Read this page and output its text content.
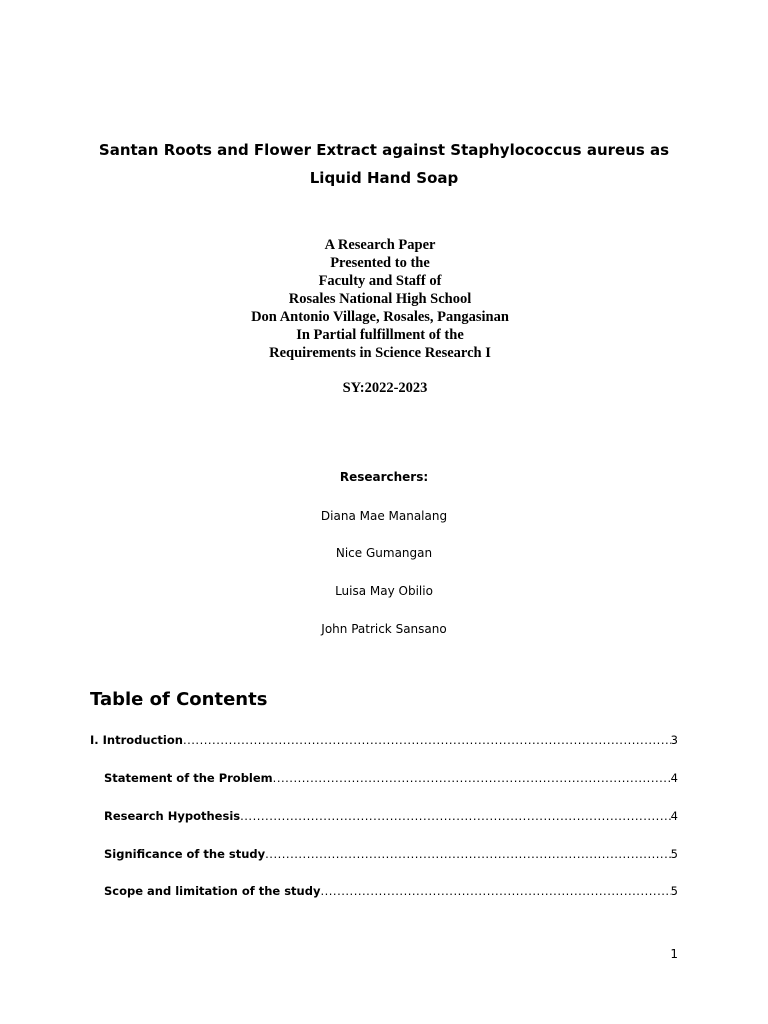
Santan Roots and Flower Extract against Staphylococcus aureus as Liquid Hand Soap
A Research Paper
Presented to the
Faculty and Staff of
Rosales National High School
Don Antonio Village, Rosales, Pangasinan
In Partial fulfillment of the
Requirements in Science Research I
SY:2022-2023
Researchers:
Diana Mae Manalang
Nice Gumangan
Luisa May Obilio
John Patrick Sansano
Table of Contents
I. Introduction .....	3
Statement of the Problem .....	4
Research Hypothesis .....	4
Significance of the study .....	5
Scope and limitation of the study .....	5
1
